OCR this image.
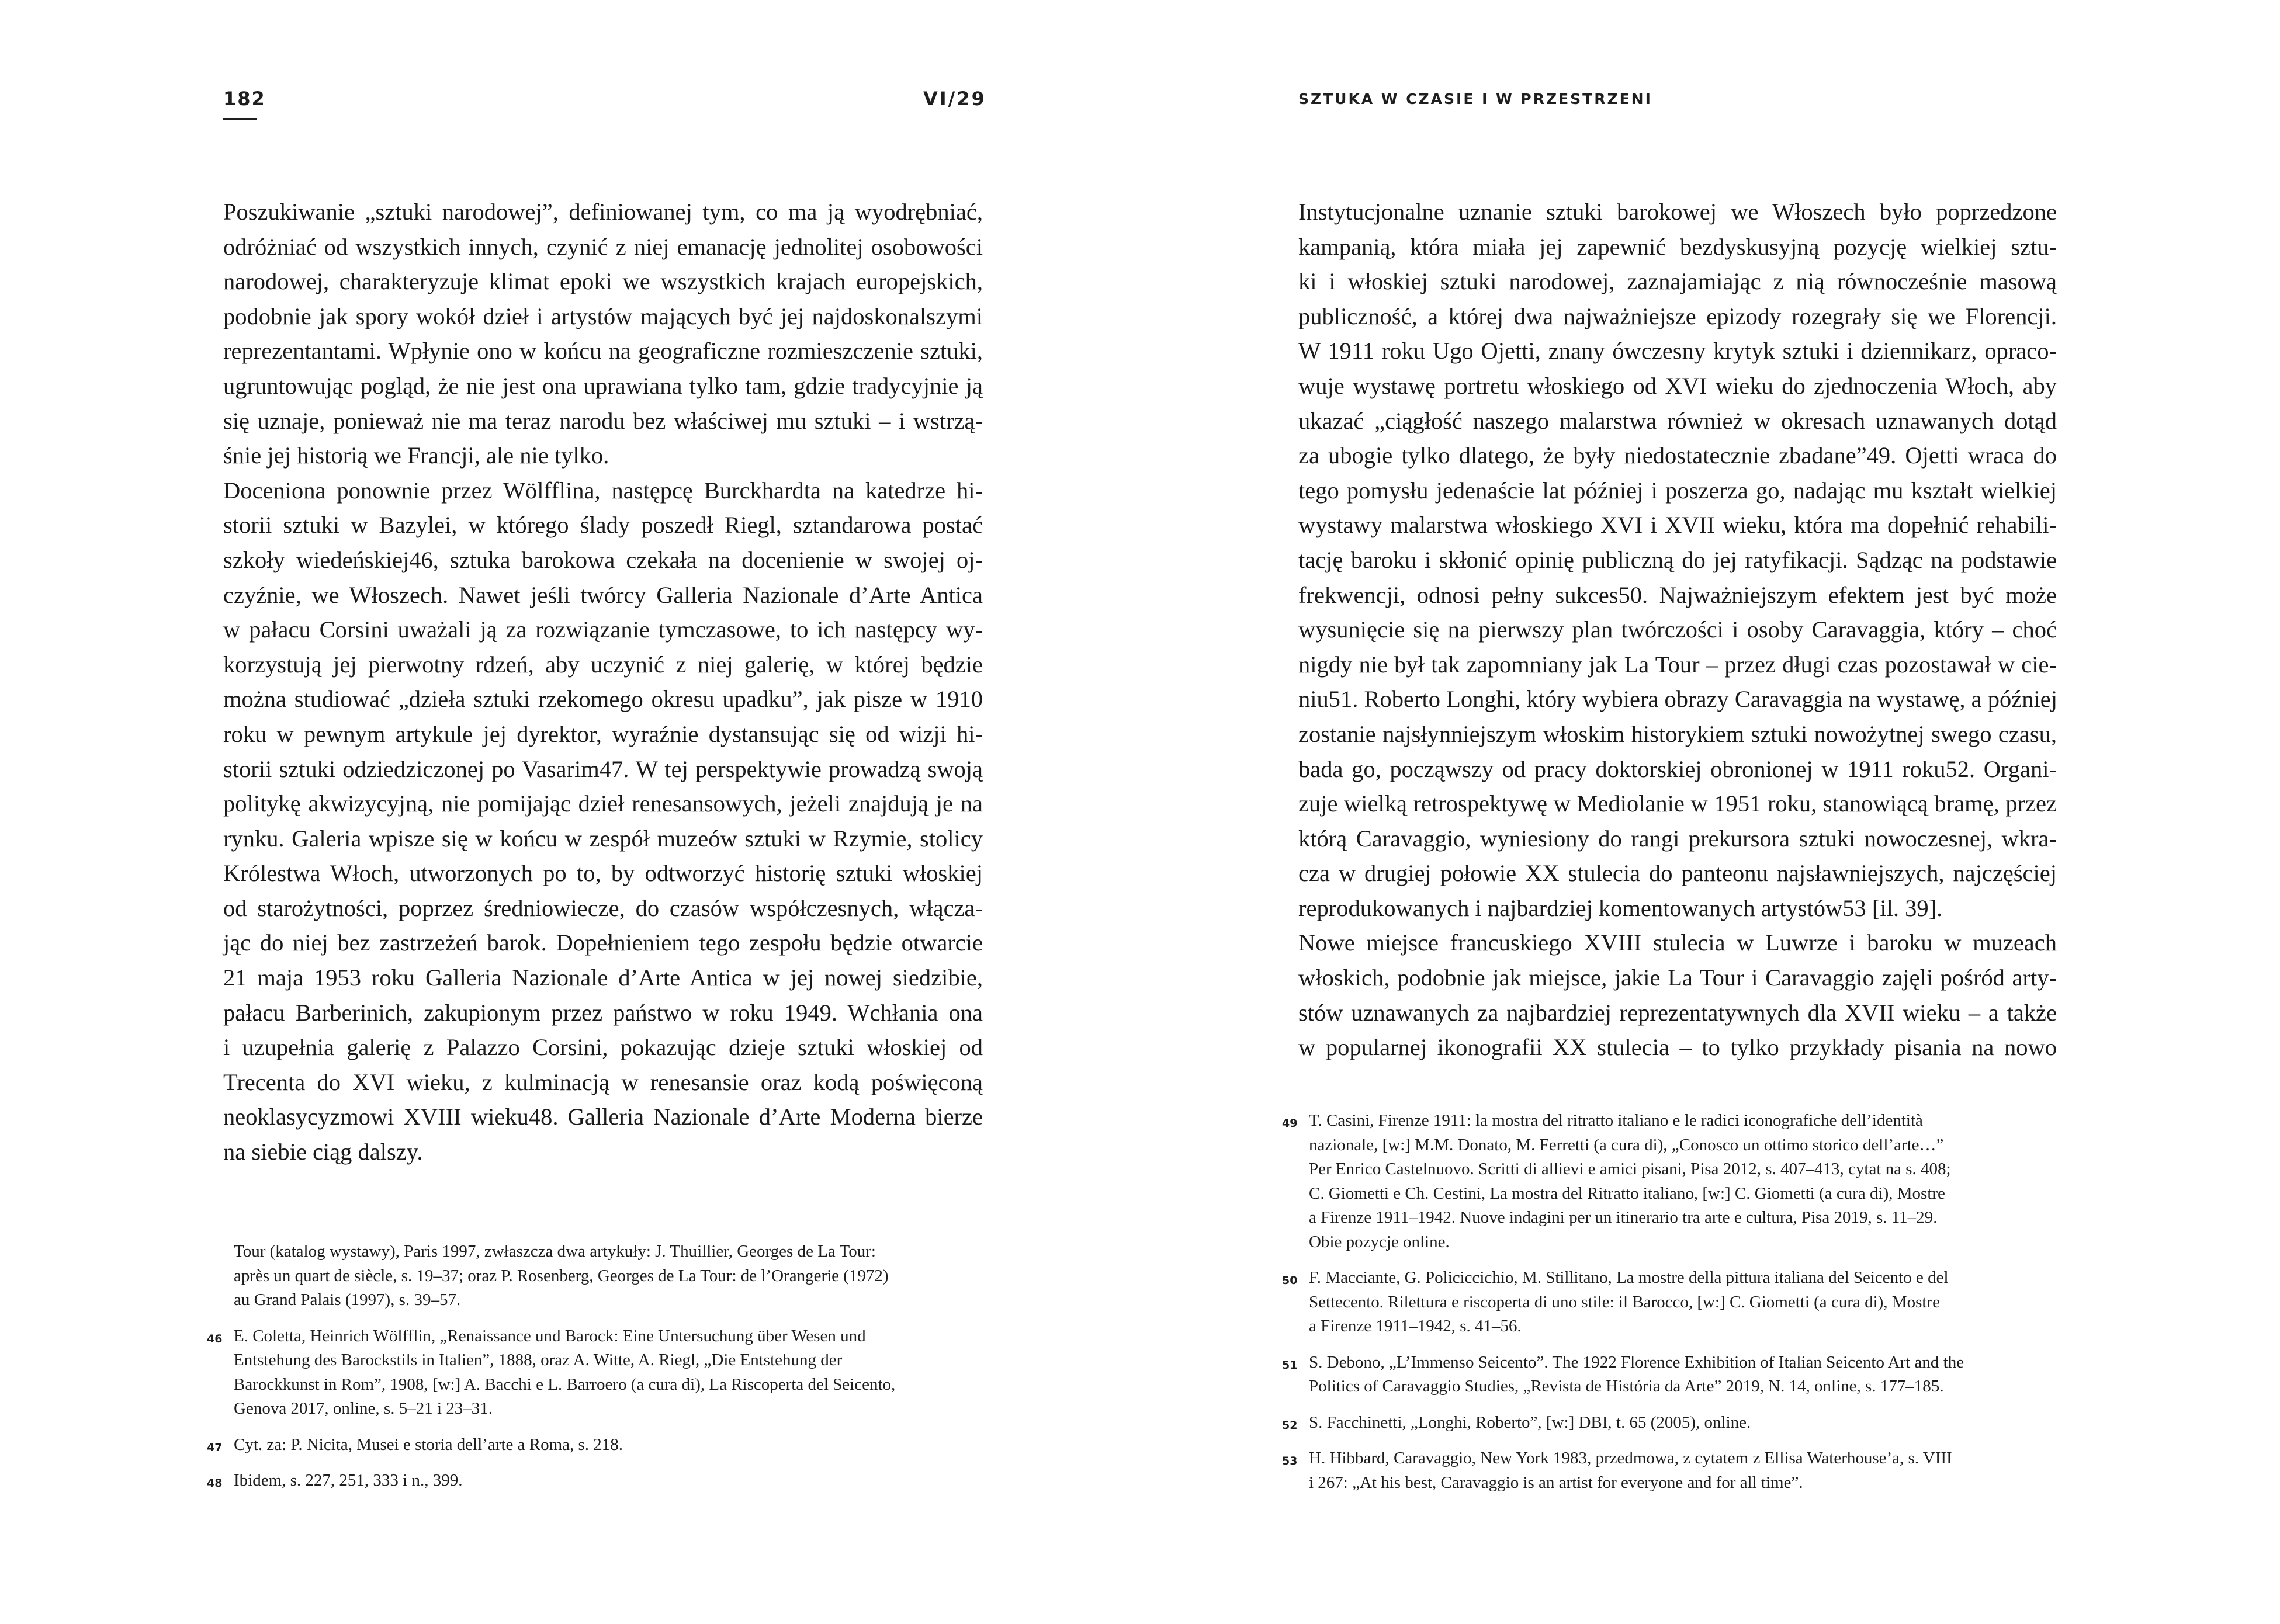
182	VI/29	SZTUKA W CZASIE I W PRZESTRZENI
Poszukiwanie „sztuki narodowej”, definiowanej tym, co ma ją wyodrębniać,
odróżniać od wszystkich innych, czynić z niej emanację jednolitej osobowości
narodowej, charakteryzuje klimat epoki we wszystkich krajach europejskich,
podobnie jak spory wokół dzieł i artystów mających być jej najdoskonalszymi
reprezentantami. Wpłynie ono w końcu na geograficzne rozmieszczenie sztuki,
ugruntowując pogląd, że nie jest ona uprawiana tylko tam, gdzie tradycyjnie ją
się uznaje, ponieważ nie ma teraz narodu bez właściwej mu sztuki – i wstrzą-
śnie jej historią we Francji, ale nie tylko.
Doceniona ponownie przez Wölfflina, następcę Burckhardta na katedrze hi-
storii sztuki w Bazylei, w którego ślady poszedł Riegl, sztandarowa postać
szkoły wiedeńskiej46, sztuka barokowa czekała na docenienie w swojej oj-
czyźnie, we Włoszech. Nawet jeśli twórcy Galleria Nazionale d’Arte Antica
w pałacu Corsini uważali ją za rozwiązanie tymczasowe, to ich następcy wy-
korzystują jej pierwotny rdzeń, aby uczynić z niej galerię, w której będzie
można studiować „dzieła sztuki rzekomego okresu upadku”, jak pisze w 1910
roku w pewnym artykule jej dyrektor, wyraźnie dystansując się od wizji hi-
storii sztuki odziedziczonej po Vasarim47. W tej perspektywie prowadzą swoją
politykę akwizycyjną, nie pomijając dzieł renesansowych, jeżeli znajdują je na
rynku. Galeria wpisze się w końcu w zespół muzeów sztuki w Rzymie, stolicy
Królestwa Włoch, utworzonych po to, by odtworzyć historię sztuki włoskiej
od starożytności, poprzez średniowiecze, do czasów współczesnych, włącza-
jąc do niej bez zastrzeżeń barok. Dopełnieniem tego zespołu będzie otwarcie
21 maja 1953 roku Galleria Nazionale d’Arte Antica w jej nowej siedzibie,
pałacu Barberinich, zakupionym przez państwo w roku 1949. Wchłania ona
i uzupełnia galerię z Palazzo Corsini, pokazując dzieje sztuki włoskiej od
Trecenta do XVI wieku, z kulminacją w renesansie oraz kodą poświęconą
neoklasycyzmowi XVIII wieku48. Galleria Nazionale d’Arte Moderna bierze
na siebie ciąg dalszy.
Instytucjonalne uznanie sztuki barokowej we Włoszech było poprzedzone
kampanią, która miała jej zapewnić bezdyskusyjną pozycję wielkiej sztu-
ki i włoskiej sztuki narodowej, zaznajamiając z nią równocześnie masową
publiczność, a której dwa najważniejsze epizody rozegrały się we Florencji.
W 1911 roku Ugo Ojetti, znany ówczesny krytyk sztuki i dziennikarz, opraco-
wuje wystawę portretu włoskiego od XVI wieku do zjednoczenia Włoch, aby
ukazać „ciągłość naszego malarstwa również w okresach uznawanych dotąd
za ubogie tylko dlatego, że były niedostatecznie zbadane”49. Ojetti wraca do
tego pomysłu jedenaście lat później i poszerza go, nadając mu kształt wielkiej
wystawy malarstwa włoskiego XVI i XVII wieku, która ma dopełnić rehabili-
tację baroku i skłonić opinię publiczną do jej ratyfikacji. Sądząc na podstawie
frekwencji, odnosi pełny sukces50. Najważniejszym efektem jest być może
wysunięcie się na pierwszy plan twórczości i osoby Caravaggia, który – choć
nigdy nie był tak zapomniany jak La Tour – przez długi czas pozostawał w cie-
niu51. Roberto Longhi, który wybiera obrazy Caravaggia na wystawę, a później
zostanie najsłynniejszym włoskim historykiem sztuki nowożytnej swego czasu,
bada go, począwszy od pracy doktorskiej obronionej w 1911 roku52. Organi-
zuje wielką retrospektywę w Mediolanie w 1951 roku, stanowiącą bramę, przez
którą Caravaggio, wyniesiony do rangi prekursora sztuki nowoczesnej, wkra-
cza w drugiej połowie XX stulecia do panteonu najsławniejszych, najczęściej
reprodukowanych i najbardziej komentowanych artystów53 [il. 39].
Nowe miejsce francuskiego XVIII stulecia w Luwrze i baroku w muzeach
włoskich, podobnie jak miejsce, jakie La Tour i Caravaggio zajęli pośród arty-
stów uznawanych za najbardziej reprezentatywnych dla XVII wieku – a także
w popularnej ikonografii XX stulecia – to tylko przykłady pisania na nowo
Tour (katalog wystawy), Paris 1997, zwłaszcza dwa artykuły: J. Thuillier, Georges de La Tour:
après un quart de siècle, s. 19–37; oraz P. Rosenberg, Georges de La Tour: de l’Orangerie (1972)
au Grand Palais (1997), s. 39–57.
46 E. Coletta, Heinrich Wölfflin, „Renaissance und Barock: Eine Untersuchung über Wesen und
Entstehung des Barockstils in Italien”, 1888, oraz A. Witte, A. Riegl, „Die Entstehung der
Barockkunst in Rom”, 1908, [w:] A. Bacchi e L. Barroero (a cura di), La Riscoperta del Seicento,
Genova 2017, online, s. 5–21 i 23–31.
47 Cyt. za: P. Nicita, Musei e storia dell’arte a Roma, s. 218.
48 Ibidem, s. 227, 251, 333 i n., 399.
49 T. Casini, Firenze 1911: la mostra del ritratto italiano e le radici iconografiche dell’identità
nazionale, [w:] M.M. Donato, M. Ferretti (a cura di), „Conosco un ottimo storico dell’arte…”
Per Enrico Castelnuovo. Scritti di allievi e amici pisani, Pisa 2012, s. 407–413, cytat na s. 408;
C. Giometti e Ch. Cestini, La mostra del Ritratto italiano, [w:] C. Giometti (a cura di), Mostre
a Firenze 1911–1942. Nuove indagini per un itinerario tra arte e cultura, Pisa 2019, s. 11–29.
Obie pozycje online.
50 F. Macciante, G. Policiccichio, M. Stillitano, La mostre della pittura italiana del Seicento e del
Settecento. Rilettura e riscoperta di uno stile: il Barocco, [w:] C. Giometti (a cura di), Mostre
a Firenze 1911–1942, s. 41–56.
51 S. Debono, „L’Immenso Seicento”. The 1922 Florence Exhibition of Italian Seicento Art and the
Politics of Caravaggio Studies, „Revista de História da Arte” 2019, N. 14, online, s. 177–185.
52 S. Facchinetti, „Longhi, Roberto”, [w:] DBI, t. 65 (2005), online.
53 H. Hibbard, Caravaggio, New York 1983, przedmowa, z cytatem z Ellisa Waterhouse’a, s. VIII
i 267: „At his best, Caravaggio is an artist for everyone and for all time”.
